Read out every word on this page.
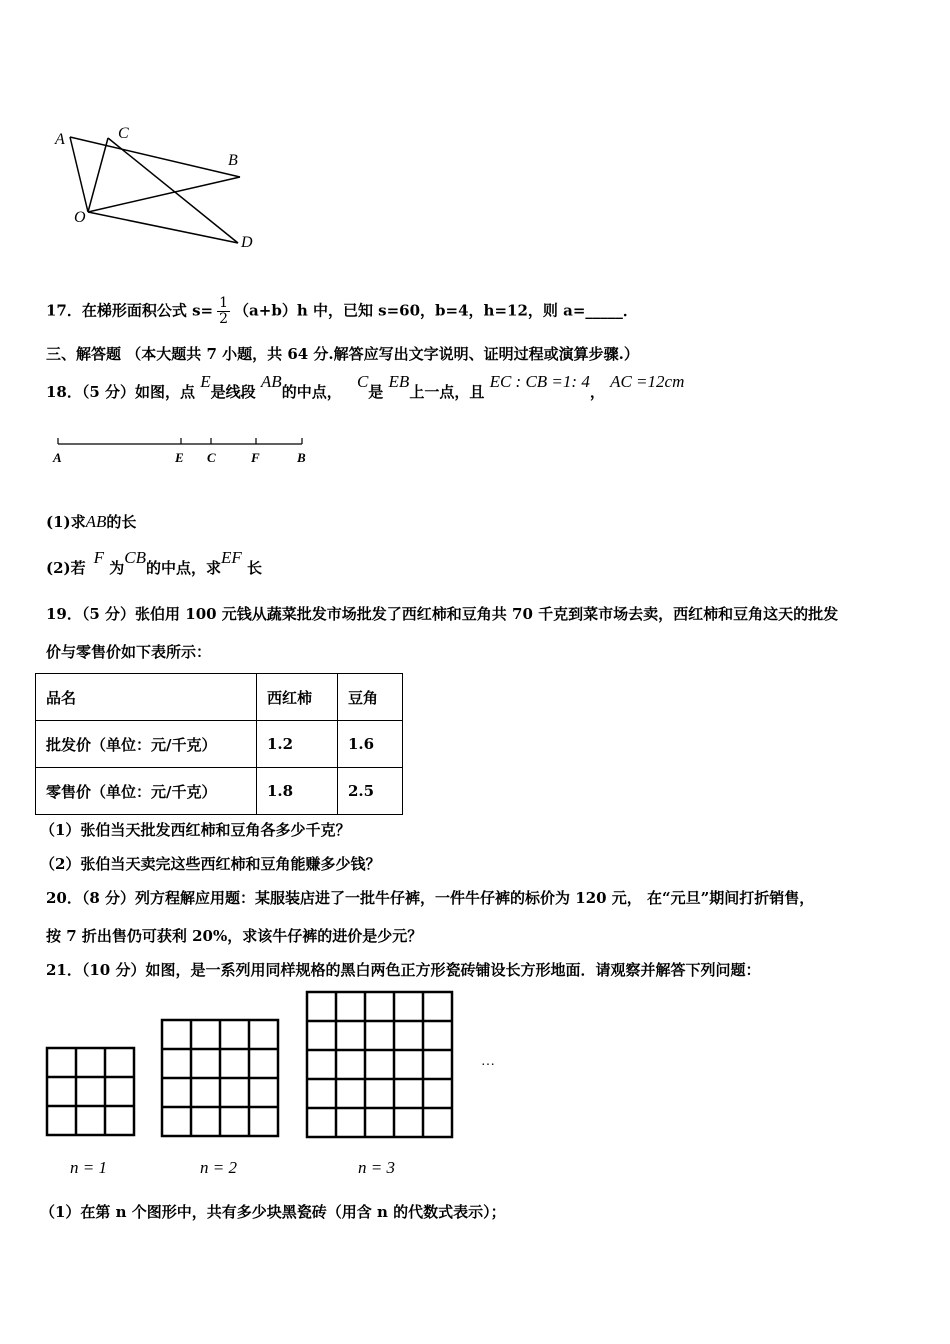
A	C
B
O
D
17．在梯形面积公式 $s= \frac{1}{2} (a+b)h$ 中，已知 s=60，b=4，h=12，则 a=_____．
三、解答题 （本大题共 7 小题，共 64 分.解答应写出文字说明、证明过程或演算步骤.）
18．（5 分）如图，点 E是线段 AB的中点， C是 EB上一点，且 EC : CB =1: 4， AC =12cm
A	E C	F	B
(1)求AB的长
(2)若F 为CB的中点，求EF 长
19．（5 分）张伯用 100 元钱从蔬菜批发市场批发了西红柿和豆角共 70 千克到菜市场去卖，西红柿和豆角这天的批发
价与零售价如下表所示：
品名	西红柿	豆角
批发价（单位：元/千克）	1.2	1.6
零售价（单位：元/千克）	1.8	2.5
（1）张伯当天批发西红柿和豆角各多少千克？
（2）张伯当天卖完这些西红柿和豆角能赚多少钱？
20．（8 分）列方程解应用题：某服装店进了一批牛仔裤，一件牛仔裤的标价为 120 元， 在“元旦”期间打折销售，
按 7 折出售仍可获利 20%，求该牛仔裤的进价是少元？
21．（10 分）如图，是一系列用同样规格的黑白两色正方形瓷砖铺设长方形地面．请观察并解答下列问题：
…
n = 1	n = 2	n = 3
（1）在第 n 个图形中，共有多少块黑瓷砖（用含 n 的代数式表示）；
